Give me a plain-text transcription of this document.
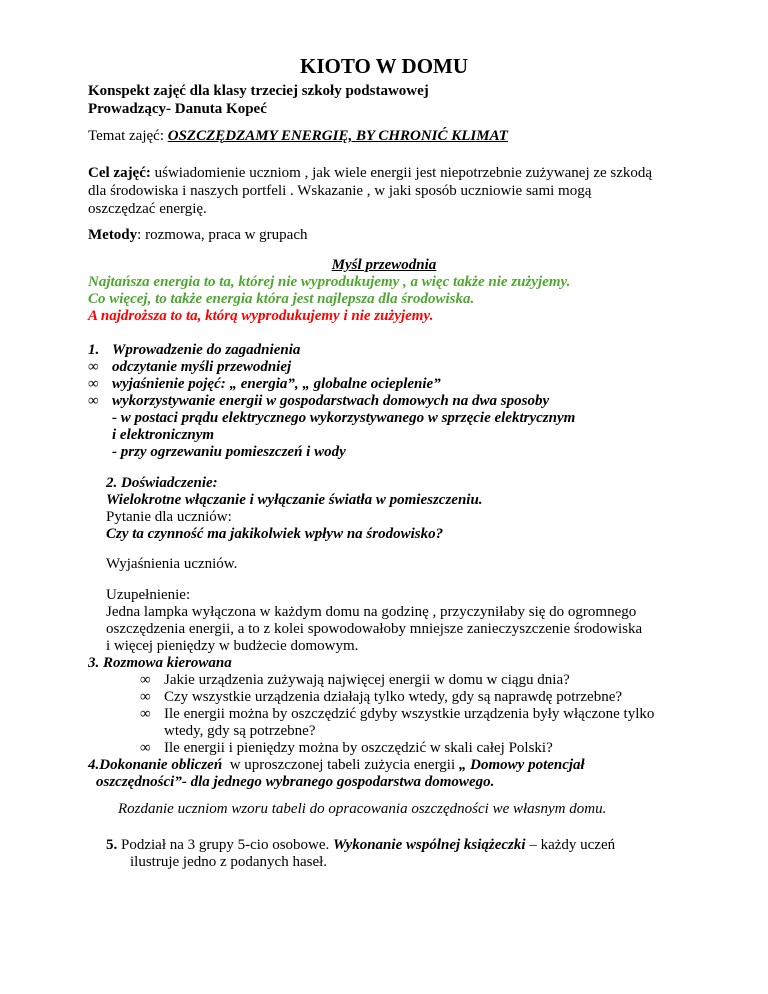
KIOTO W DOMU
Konspekt zajęć dla klasy trzeciej szkoły podstawowej
Prowadzący- Danuta Kopeć
Temat zajęć: OSZCZĘDZAMY ENERGIĘ, BY CHRONIĆ KLIMAT
Cel zajęć: uświadomienie uczniom , jak wiele energii jest niepotrzebnie zużywanej ze szkodą
dla środowiska i naszych portfeli . Wskazanie , w jaki sposób uczniowie sami mogą
oszczędzać energię.
Metody: rozmowa, praca w grupach
Myśl przewodnia
Najtańsza energia to ta, której nie wyprodukujemy , a więc także nie zużyjemy.
Co więcej, to także energia która jest najlepsza dla środowiska.
A najdroższa to ta, którą wyprodukujemy i nie zużyjemy.
1. Wprowadzenie do zagadnienia
∞ odczytanie myśli przewodniej
∞ wyjaśnienie pojęć: „ energia”, „ globalne ocieplenie”
∞ wykorzystywanie energii w gospodarstwach domowych na dwa sposoby
- w postaci prądu elektrycznego wykorzystywanego w sprzęcie elektrycznym
i elektronicznym
- przy ogrzewaniu pomieszczeń i wody
2. Doświadczenie:
Wielokrotne włączanie i wyłączanie światła w pomieszczeniu.
Pytanie dla uczniów:
Czy ta czynność ma jakikolwiek wpływ na środowisko?
Wyjaśnienia uczniów.
Uzupełnienie:
Jedna lampka wyłączona w każdym domu na godzinę , przyczyniłaby się do ogromnego
oszczędzenia energii, a to z kolei spowodowałoby mniejsze zanieczyszczenie środowiska
i więcej pieniędzy w budżecie domowym.
3. Rozmowa kierowana
∞ Jakie urządzenia zużywają najwięcej energii w domu w ciągu dnia?
∞ Czy wszystkie urządzenia działają tylko wtedy, gdy są naprawdę potrzebne?
∞ Ile energii można by oszczędzić gdyby wszystkie urządzenia były włączone tylko
wtedy, gdy są potrzebne?
∞ Ile energii i pieniędzy można by oszczędzić w skali całej Polski?
4.Dokonanie obliczeń  w uproszczonej tabeli zużycia energii „ Domowy potencjał
oszczędności”- dla jednego wybranego gospodarstwa domowego.
Rozdanie uczniom wzoru tabeli do opracowania oszczędności we własnym domu.
5. Podział na 3 grupy 5-cio osobowe. Wykonanie wspólnej książeczki – każdy uczeń
ilustruje jedno z podanych haseł.
